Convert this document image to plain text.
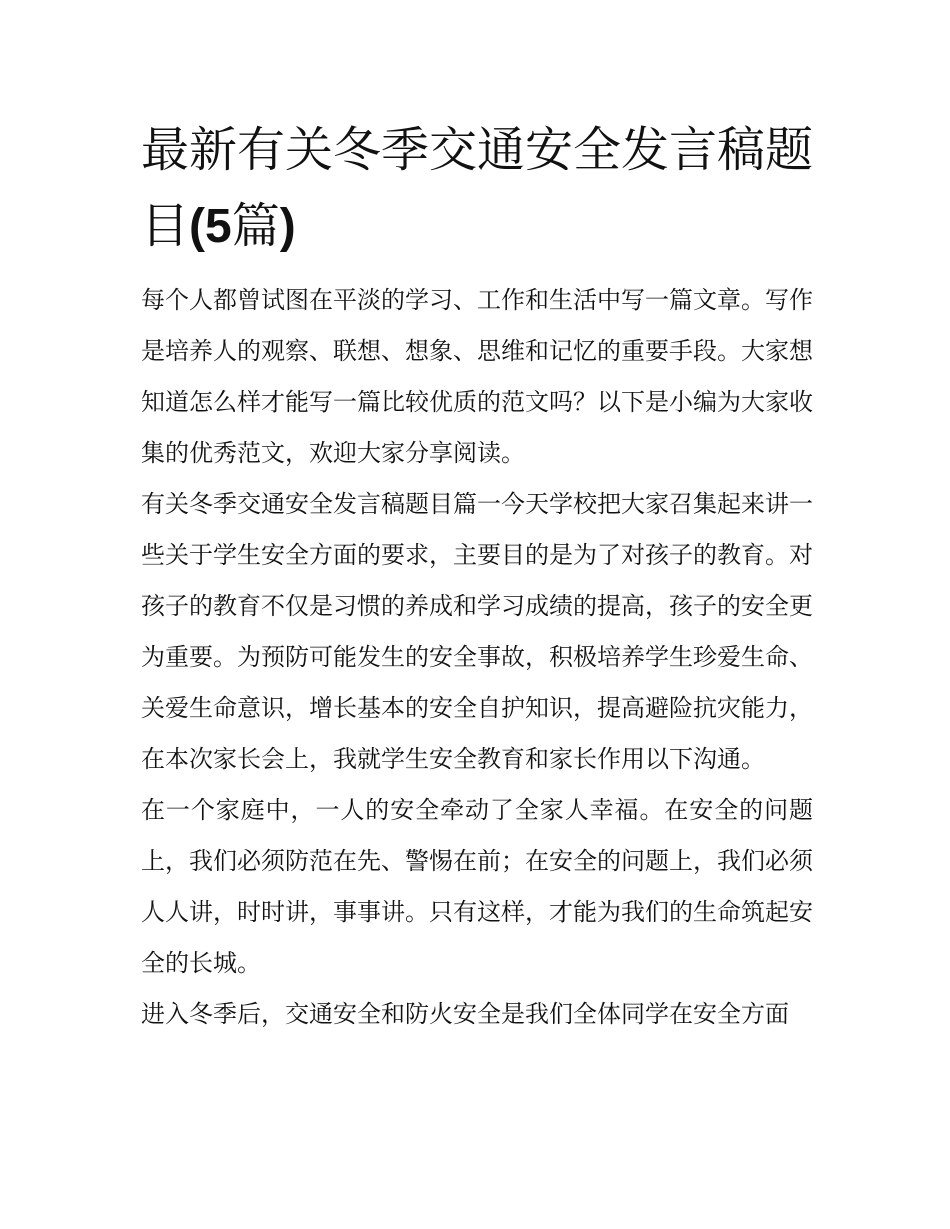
最新有关冬季交通安全发言稿题目(5篇)

每个人都曾试图在平淡的学习、工作和生活中写一篇文章。写作是培养人的观察、联想、想象、思维和记忆的重要手段。大家想知道怎么样才能写一篇比较优质的范文吗？以下是小编为大家收集的优秀范文，欢迎大家分享阅读。

有关冬季交通安全发言稿题目篇一今天学校把大家召集起来讲一些关于学生安全方面的要求，主要目的是为了对孩子的教育。对孩子的教育不仅是习惯的养成和学习成绩的提高，孩子的安全更为重要。为预防可能发生的安全事故，积极培养学生珍爱生命、关爱生命意识，增长基本的安全自护知识，提高避险抗灾能力，在本次家长会上，我就学生安全教育和家长作用以下沟通。

在一个家庭中，一人的安全牵动了全家人幸福。在安全的问题上，我们必须防范在先、警惕在前；在安全的问题上，我们必须人人讲，时时讲，事事讲。只有这样，才能为我们的生命筑起安全的长城。

进入冬季后，交通安全和防火安全是我们全体同学在安全方面
